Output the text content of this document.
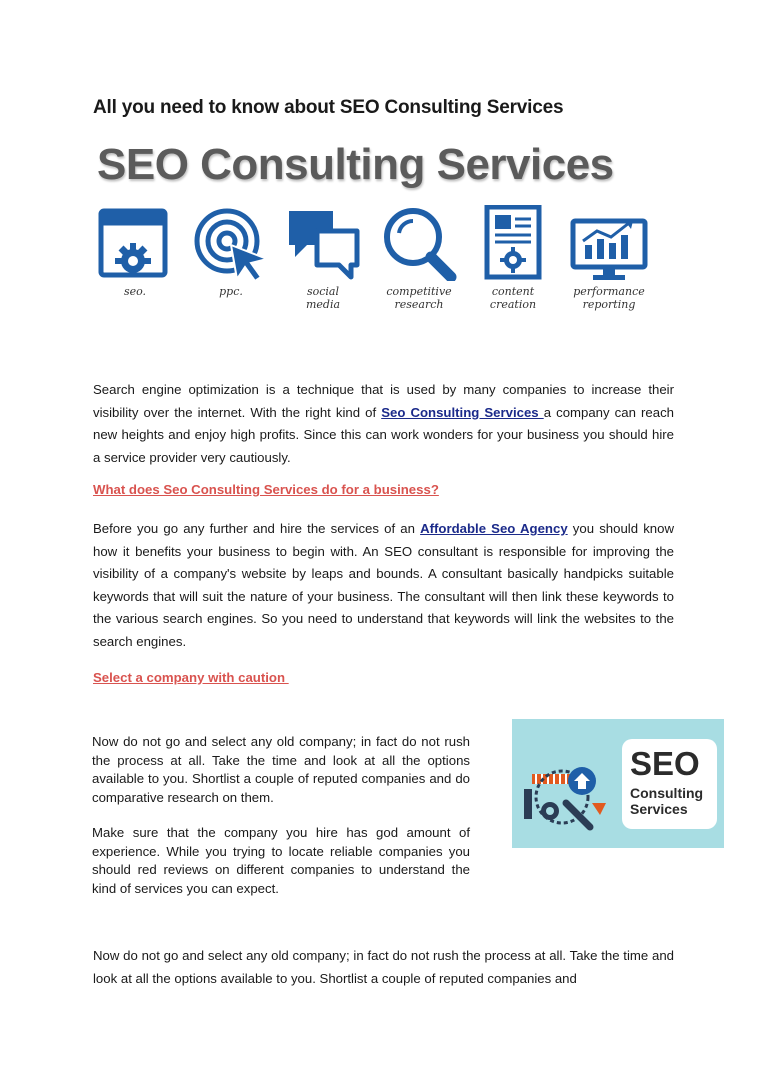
All you need to know about SEO Consulting Services
SEO Consulting Services
seo.	ppc.	social
media
competitive
research
content
creation
performance
reporting

Search engine optimization is a technique that is used by many companies to increase their visibility over the internet. With the right kind of Seo Consulting Services a company can reach new heights and enjoy high profits. Since this can work wonders for your business you should hire a service provider very cautiously.

What does Seo Consulting Services do for a business?

Before you go any further and hire the services of an Affordable Seo Agency you should know how it benefits your business to begin with. An SEO consultant is responsible for improving the visibility of a company's website by leaps and bounds. A consultant basically handpicks suitable keywords that will suit the nature of your business. The consultant will then link these keywords to the various search engines. So you need to understand that keywords will link the websites to the search engines.

Select a company with caution

Now do not go and select any old company; in fact do not rush the process at all. Take the time and look at all the options available to you. Shortlist a couple of reputed companies and do comparative research on them.

Make sure that the company you hire has god amount of experience. While you trying to locate reliable companies you should red reviews on different companies to understand the kind of services you can expect.

SEO
Consulting
Services

Now do not go and select any old company; in fact do not rush the process at all. Take the time and look at all the options available to you. Shortlist a couple of reputed companies and
